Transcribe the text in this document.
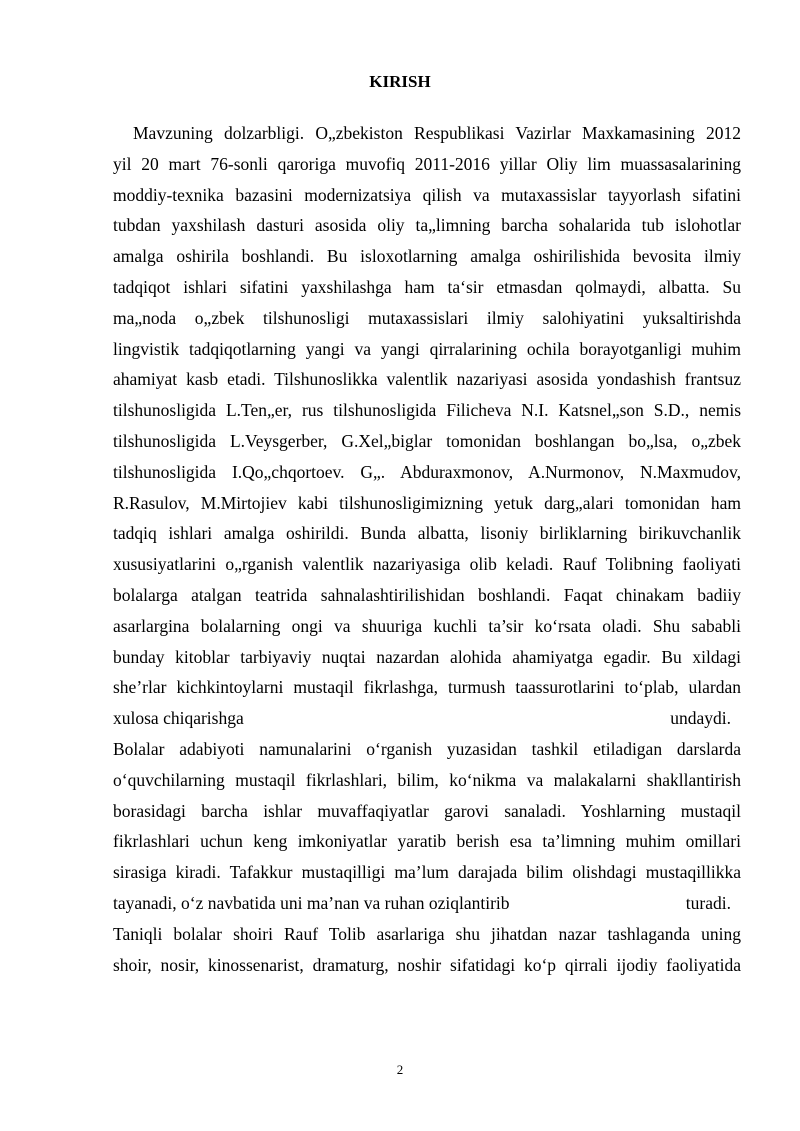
KIRISH
Mavzuning dolzarbligi. O„zbekiston Respublikasi Vazirlar Maxkamasining 2012
yil 20 mart 76-sonli qaroriga muvofiq 2011-2016 yillar Oliy lim muassasalarining
moddiy-texnika bazasini modernizatsiya qilish va mutaxassislar tayyorlash sifatini
tubdan yaxshilash dasturi asosida oliy ta„limning barcha sohalarida tub islohotlar
amalga oshirila boshlandi. Bu isloxotlarning amalga oshirilishida bevosita ilmiy
tadqiqot ishlari sifatini yaxshilashga ham ta‘sir etmasdan qolmaydi, albatta. Su
ma„noda o„zbek tilshunosligi mutaxassislari ilmiy salohiyatini yuksaltirishda
lingvistik tadqiqotlarning yangi va yangi qirralarining ochila borayotganligi muhim
ahamiyat kasb etadi. Tilshunoslikka valentlik nazariyasi asosida yondashish frantsuz
tilshunosligida L.Ten„er, rus tilshunosligida Filicheva N.I. Katsnel„son S.D., nemis
tilshunosligida L.Veysgerber, G.Xel„biglar tomonidan boshlangan bo„lsa, o„zbek
tilshunosligida I.Qo„chqortoev. G„. Abduraxmonov, A.Nurmonov, N.Maxmudov,
R.Rasulov, M.Mirtojiev kabi tilshunosligimizning yetuk darg„alari tomonidan ham
tadqiq ishlari amalga oshirildi. Bunda albatta, lisoniy birliklarning birikuvchanlik
xususiyatlarini o„rganish valentlik nazariyasiga olib keladi. Rauf Tolibning faoliyati
bolalarga atalgan teatrida sahnalashtirilishidan boshlandi. Faqat chinakam badiiy
asarlargina bolalarning ongi va shuuriga kuchli ta’sir ko‘rsata oladi. Shu sababli
bunday kitoblar tarbiyaviy nuqtai nazardan alohida ahamiyatga egadir. Bu xildagi
she’rlar kichkintoylarni mustaqil fikrlashga, turmush taassurotlarini to‘plab, ulardan
xulosa chiqarishga	undaydi.
Bolalar adabiyoti namunalarini o‘rganish yuzasidan tashkil etiladigan darslarda
o‘quvchilarning mustaqil fikrlashlari, bilim, ko‘nikma va malakalarni shakllantirish
borasidagi barcha ishlar muvaffaqiyatlar garovi sanaladi. Yoshlarning mustaqil
fikrlashlari uchun keng imkoniyatlar yaratib berish esa ta’limning muhim omillari
sirasiga kiradi. Tafakkur mustaqilligi ma’lum darajada bilim olishdagi mustaqillikka
tayanadi, o‘z navbatida uni ma’nan va ruhan oziqlantirib	turadi.
Taniqli bolalar shoiri Rauf Tolib asarlariga shu jihatdan nazar tashlaganda uning
shoir, nosir, kinossenarist, dramaturg, noshir sifatidagi ko‘p qirrali ijodiy faoliyatida
2
